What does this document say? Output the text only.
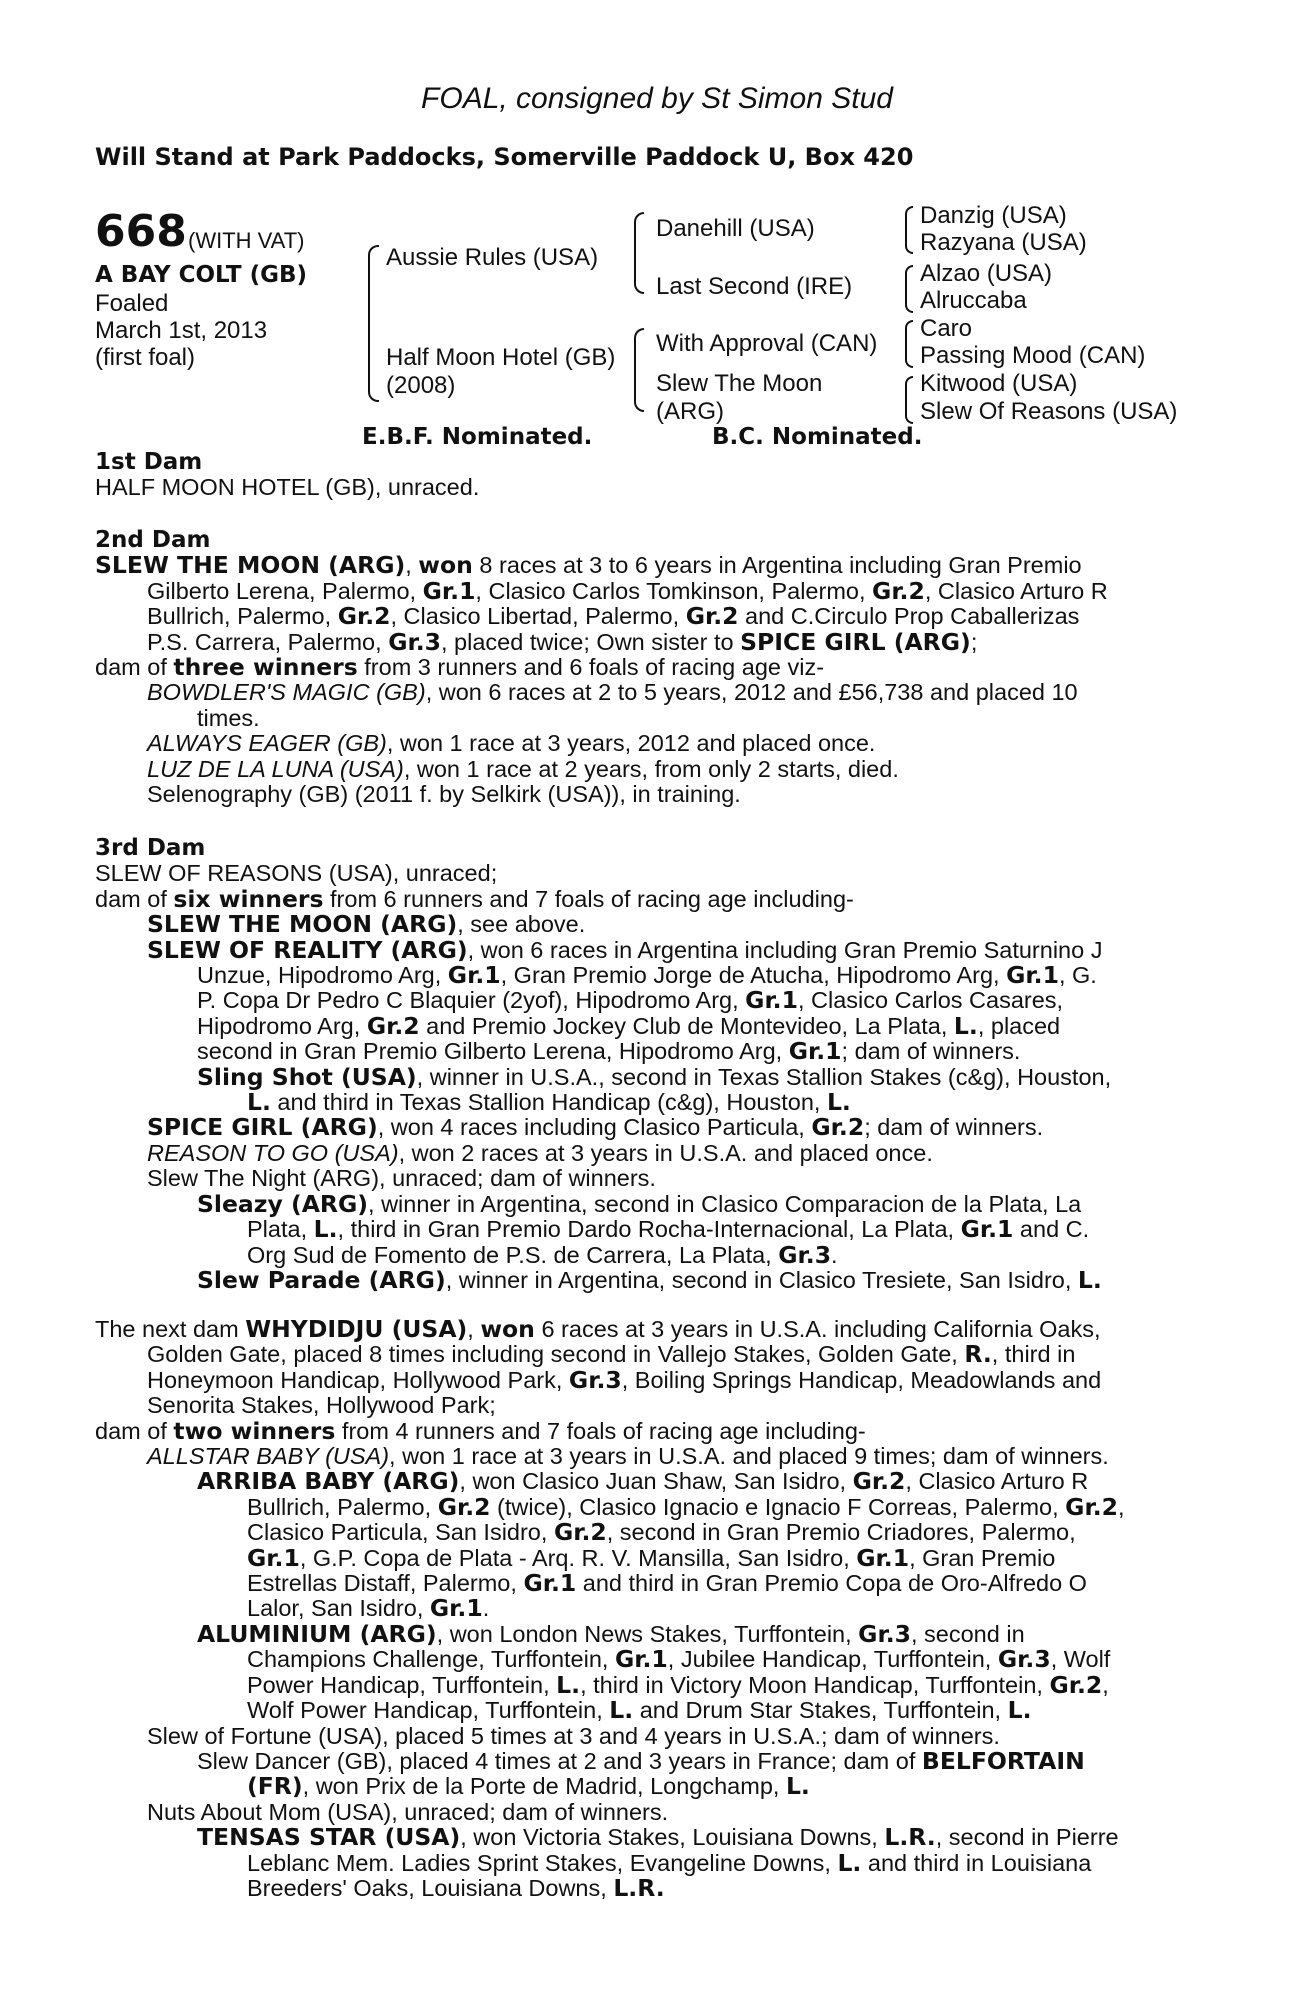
FOAL, consigned by St Simon Stud
Will Stand at Park Paddocks, Somerville Paddock U, Box 420
668 (WITH VAT)
A BAY COLT (GB)
Foaled
March 1st, 2013
(first foal)
Aussie Rules (USA)
Half Moon Hotel (GB)
(2008)
Danehill (USA)
Last Second (IRE)
With Approval (CAN)
Slew The Moon
(ARG)
Danzig (USA)
Razyana (USA)
Alzao (USA)
Alruccaba
Caro
Passing Mood (CAN)
Kitwood (USA)
Slew Of Reasons (USA)
E.B.F. Nominated.	B.C. Nominated.
1st Dam
HALF MOON HOTEL (GB), unraced.
2nd Dam
SLEW THE MOON (ARG), won 8 races at 3 to 6 years in Argentina including Gran Premio
Gilberto Lerena, Palermo, Gr.1, Clasico Carlos Tomkinson, Palermo, Gr.2, Clasico Arturo R
Bullrich, Palermo, Gr.2, Clasico Libertad, Palermo, Gr.2 and C.Circulo Prop Caballerizas
P.S. Carrera, Palermo, Gr.3, placed twice; Own sister to SPICE GIRL (ARG);
dam of three winners from 3 runners and 6 foals of racing age viz-
BOWDLER'S MAGIC (GB), won 6 races at 2 to 5 years, 2012 and £56,738 and placed 10
times.
ALWAYS EAGER (GB), won 1 race at 3 years, 2012 and placed once.
LUZ DE LA LUNA (USA), won 1 race at 2 years, from only 2 starts, died.
Selenography (GB) (2011 f. by Selkirk (USA)), in training.
3rd Dam
SLEW OF REASONS (USA), unraced;
dam of six winners from 6 runners and 7 foals of racing age including-
SLEW THE MOON (ARG), see above.
SLEW OF REALITY (ARG), won 6 races in Argentina including Gran Premio Saturnino J
Unzue, Hipodromo Arg, Gr.1, Gran Premio Jorge de Atucha, Hipodromo Arg, Gr.1, G.
P. Copa Dr Pedro C Blaquier (2yof), Hipodromo Arg, Gr.1, Clasico Carlos Casares,
Hipodromo Arg, Gr.2 and Premio Jockey Club de Montevideo, La Plata, L., placed
second in Gran Premio Gilberto Lerena, Hipodromo Arg, Gr.1; dam of winners.
Sling Shot (USA), winner in U.S.A., second in Texas Stallion Stakes (c&g), Houston,
L. and third in Texas Stallion Handicap (c&g), Houston, L.
SPICE GIRL (ARG), won 4 races including Clasico Particula, Gr.2; dam of winners.
REASON TO GO (USA), won 2 races at 3 years in U.S.A. and placed once.
Slew The Night (ARG), unraced; dam of winners.
Sleazy (ARG), winner in Argentina, second in Clasico Comparacion de la Plata, La
Plata, L., third in Gran Premio Dardo Rocha-Internacional, La Plata, Gr.1 and C.
Org Sud de Fomento de P.S. de Carrera, La Plata, Gr.3.
Slew Parade (ARG), winner in Argentina, second in Clasico Tresiete, San Isidro, L.
The next dam WHYDIDJU (USA), won 6 races at 3 years in U.S.A. including California Oaks,
Golden Gate, placed 8 times including second in Vallejo Stakes, Golden Gate, R., third in
Honeymoon Handicap, Hollywood Park, Gr.3, Boiling Springs Handicap, Meadowlands and
Senorita Stakes, Hollywood Park;
dam of two winners from 4 runners and 7 foals of racing age including-
ALLSTAR BABY (USA), won 1 race at 3 years in U.S.A. and placed 9 times; dam of winners.
ARRIBA BABY (ARG), won Clasico Juan Shaw, San Isidro, Gr.2, Clasico Arturo R
Bullrich, Palermo, Gr.2 (twice), Clasico Ignacio e Ignacio F Correas, Palermo, Gr.2,
Clasico Particula, San Isidro, Gr.2, second in Gran Premio Criadores, Palermo,
Gr.1, G.P. Copa de Plata - Arq. R. V. Mansilla, San Isidro, Gr.1, Gran Premio
Estrellas Distaff, Palermo, Gr.1 and third in Gran Premio Copa de Oro-Alfredo O
Lalor, San Isidro, Gr.1.
ALUMINIUM (ARG), won London News Stakes, Turffontein, Gr.3, second in
Champions Challenge, Turffontein, Gr.1, Jubilee Handicap, Turffontein, Gr.3, Wolf
Power Handicap, Turffontein, L., third in Victory Moon Handicap, Turffontein, Gr.2,
Wolf Power Handicap, Turffontein, L. and Drum Star Stakes, Turffontein, L.
Slew of Fortune (USA), placed 5 times at 3 and 4 years in U.S.A.; dam of winners.
Slew Dancer (GB), placed 4 times at 2 and 3 years in France; dam of BELFORTAIN
(FR), won Prix de la Porte de Madrid, Longchamp, L.
Nuts About Mom (USA), unraced; dam of winners.
TENSAS STAR (USA), won Victoria Stakes, Louisiana Downs, L.R., second in Pierre
Leblanc Mem. Ladies Sprint Stakes, Evangeline Downs, L. and third in Louisiana
Breeders' Oaks, Louisiana Downs, L.R.
